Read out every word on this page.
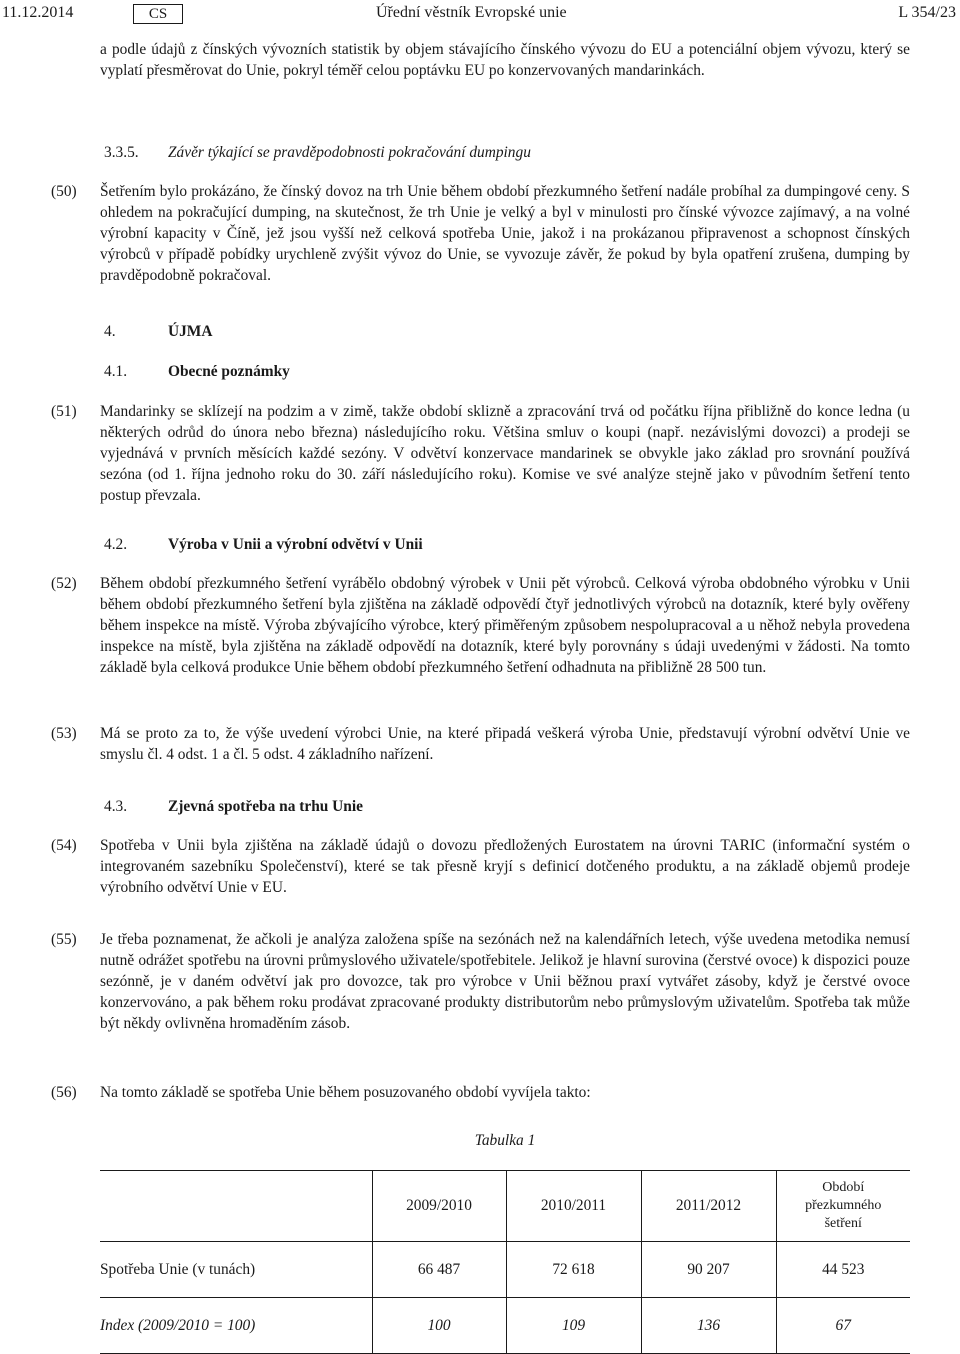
11.12.2014	CS	Úřední věstník Evropské unie	L 354/23
a podle údajů z čínských vývozních statistik by objem stávajícího čínského vývozu do EU a potenciální objem vývozu, který se vyplatí přesměrovat do Unie, pokryl téměř celou poptávku EU po konzervovaných mandarinkách.
3.3.5. Závěr týkající se pravděpodobnosti pokračování dumpingu
(50) Šetřením bylo prokázáno, že čínský dovoz na trh Unie během období přezkumného šetření nadále probíhal za dumpingové ceny. S ohledem na pokračující dumping, na skutečnost, že trh Unie je velký a byl v minulosti pro čínské vývozce zajímavý, a na volné výrobní kapacity v Číně, jež jsou vyšší než celková spotřeba Unie, jakož i na prokázanou připravenost a schopnost čínských výrobců v případě pobídky urychleně zvýšit vývoz do Unie, se vyvozuje závěr, že pokud by byla opatření zrušena, dumping by pravděpodobně pokračoval.
4.	ÚJMA
4.1.	Obecné poznámky
(51) Mandarinky se sklízejí na podzim a v zimě, takže období sklizně a zpracování trvá od počátku října přibližně do konce ledna (u některých odrůd do února nebo března) následujícího roku. Většina smluv o koupi (např. nezávislými dovozci) a prodeji se vyjednává v prvních měsících každé sezóny. V odvětví konzervace mandarinek se obvykle jako základ pro srovnání používá sezóna (od 1. října jednoho roku do 30. září následujícího roku). Komise ve své analýze stejně jako v původním šetření tento postup převzala.
4.2.	Výroba v Unii a výrobní odvětví v Unii
(52) Během období přezkumného šetření vyrábělo obdobný výrobek v Unii pět výrobců. Celková výroba obdobného výrobku v Unii během období přezkumného šetření byla zjištěna na základě odpovědí čtyř jednotlivých výrobců na dotazník, které byly ověřeny během inspekce na místě. Výroba zbývajícího výrobce, který přiměřeným způsobem nespolupracoval a u něhož nebyla provedena inspekce na místě, byla zjištěna na základě odpovědí na dotazník, které byly porovnány s údaji uvedenými v žádosti. Na tomto základě byla celková produkce Unie během období přezkumného šetření odhadnuta na přibližně 28 500 tun.
(53) Má se proto za to, že výše uvedení výrobci Unie, na které připadá veškerá výroba Unie, představují výrobní odvětví Unie ve smyslu čl. 4 odst. 1 a čl. 5 odst. 4 základního nařízení.
4.3.	Zjevná spotřeba na trhu Unie
(54) Spotřeba v Unii byla zjištěna na základě údajů o dovozu předložených Eurostatem na úrovni TARIC (informační systém o integrovaném sazebníku Společenství), které se tak přesně kryjí s definicí dotčeného produktu, a na základě objemů prodeje výrobního odvětví Unie v EU.
(55) Je třeba poznamenat, že ačkoli je analýza založena spíše na sezónách než na kalendářních letech, výše uvedena metodika nemusí nutně odrážet spotřebu na úrovni průmyslového uživatele/spotřebitele. Jelikož je hlavní surovina (čerstvé ovoce) k dispozici pouze sezónně, je v daném odvětví jak pro dovozce, tak pro výrobce v Unii běžnou praxí vytvářet zásoby, když je čerstvé ovoce konzervováno, a pak během roku prodávat zpracované produkty distributorům nebo průmyslovým uživatelům. Spotřeba tak může být někdy ovlivněna hromaděním zásob.
(56) Na tomto základě se spotřeba Unie během posuzovaného období vyvíjela takto:
Tabulka 1
	2009/2010	2010/2011	2011/2012	Období přezkumného šetření
Spotřeba Unie (v tunách)	66 487	72 618	90 207	44 523
Index (2009/2010 = 100)	100	109	136	67
